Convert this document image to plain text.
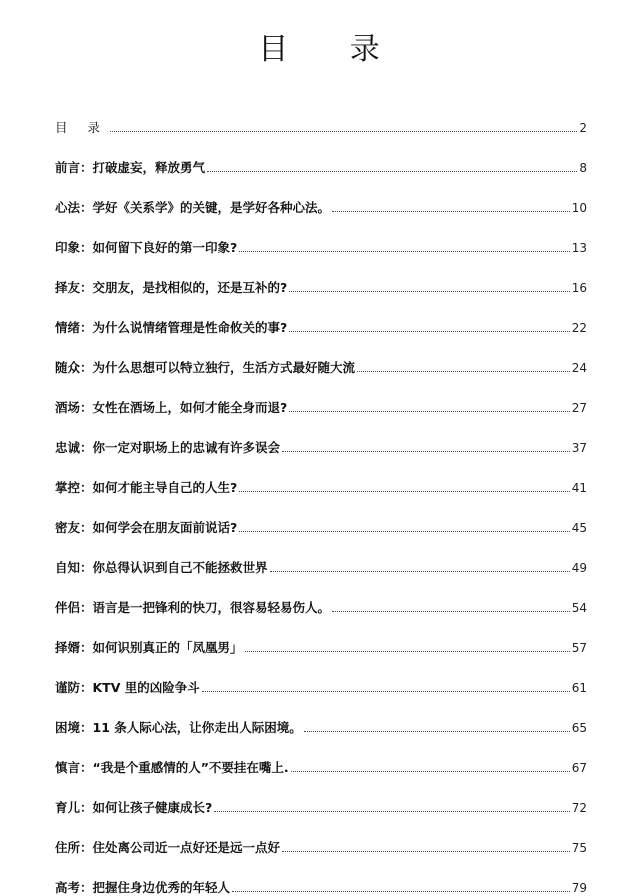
目 录
目 录	2
前言：打破虚妄，释放勇气	8
心法：学好《关系学》的关键，是学好各种心法。	10
印象：如何留下良好的第一印象?	13
择友：交朋友，是找相似的，还是互补的?	16
情绪：为什么说情绪管理是性命攸关的事?	22
随众：为什么思想可以特立独行，生活方式最好随大流	24
酒场：女性在酒场上，如何才能全身而退?	27
忠诚：你一定对职场上的忠诚有许多误会	37
掌控：如何才能主导自己的人生?	41
密友：如何学会在朋友面前说话?	45
自知：你总得认识到自己不能拯救世界	49
伴侣：语言是一把锋利的快刀，很容易轻易伤人。	54
择婿：如何识别真正的「凤凰男」	57
谨防：KTV 里的凶险争斗	61
困境：11 条人际心法，让你走出人际困境。	65
慎言：“我是个重感情的人”不要挂在嘴上.	67
育儿：如何让孩子健康成长?	72
住所：住处离公司近一点好还是远一点好	75
高考：把握住身边优秀的年轻人	79
